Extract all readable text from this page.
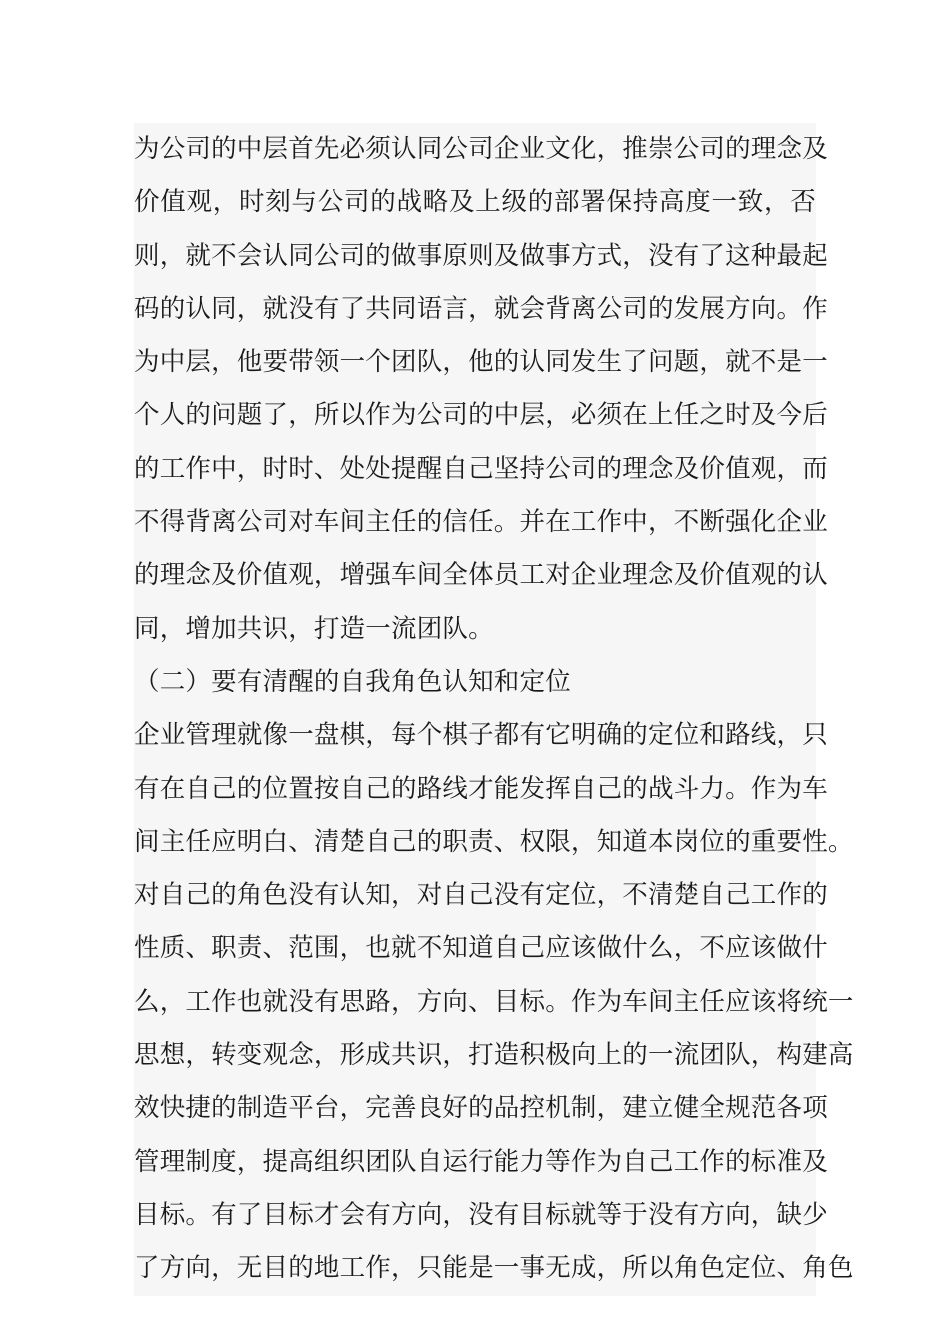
为公司的中层首先必须认同公司企业文化，推崇公司的理念及
价值观，时刻与公司的战略及上级的部署保持高度一致，否
则，就不会认同公司的做事原则及做事方式，没有了这种最起
码的认同，就没有了共同语言，就会背离公司的发展方向。作
为中层，他要带领一个团队，他的认同发生了问题，就不是一
个人的问题了，所以作为公司的中层，必须在上任之时及今后
的工作中，时时、处处提醒自己坚持公司的理念及价值观，而
不得背离公司对车间主任的信任。并在工作中，不断强化企业
的理念及价值观，增强车间全体员工对企业理念及价值观的认
同，增加共识，打造一流团队。
（二）要有清醒的自我角色认知和定位
企业管理就像一盘棋，每个棋子都有它明确的定位和路线，只
有在自己的位置按自己的路线才能发挥自己的战斗力。作为车
间主任应明白、清楚自己的职责、权限，知道本岗位的重要性。
对自己的角色没有认知，对自己没有定位，不清楚自己工作的
性质、职责、范围，也就不知道自己应该做什么，不应该做什
么，工作也就没有思路，方向、目标。作为车间主任应该将统一
思想，转变观念，形成共识，打造积极向上的一流团队，构建高
效快捷的制造平台，完善良好的品控机制，建立健全规范各项
管理制度，提高组织团队自运行能力等作为自己工作的标准及
目标。有了目标才会有方向，没有目标就等于没有方向，缺少
了方向，无目的地工作，只能是一事无成，所以角色定位、角色
